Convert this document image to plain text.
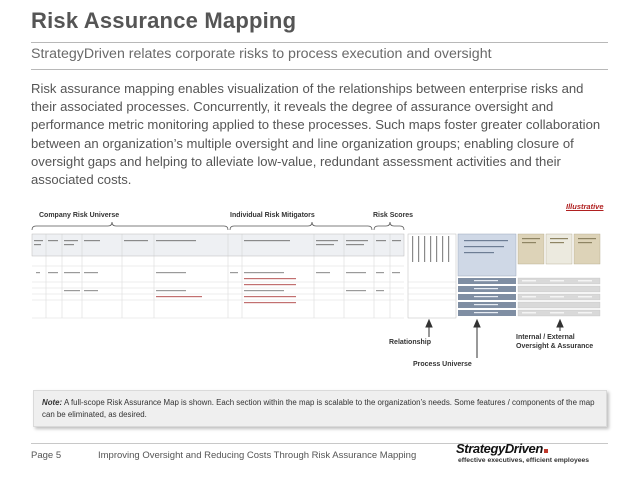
Risk Assurance Mapping
StrategyDriven relates corporate risks to process execution and oversight
Risk assurance mapping enables visualization of the relationships between enterprise risks and their associated processes. Concurrently, it reveals the degree of assurance oversight and performance metric monitoring applied to these processes. Such maps foster greater collaboration between an organization’s multiple oversight and line organization groups; enabling closure of oversight gaps and helping to alleviate low-value, redundant assessment activities and their associated costs.
Illustrative
Company Risk Universe	Individual Risk Mitigators	Risk Scores
Relationship
Process Universe
Internal / External
Oversight & Assurance
Note: A full-scope Risk Assurance Map is shown. Each section within the map is scalable to the organization’s needs. Some features / components of the map can be eliminated, as desired.
Page 5	Improving Oversight and Reducing Costs Through Risk Assurance Mapping	StrategyDriven
effective executives, efficient employees
